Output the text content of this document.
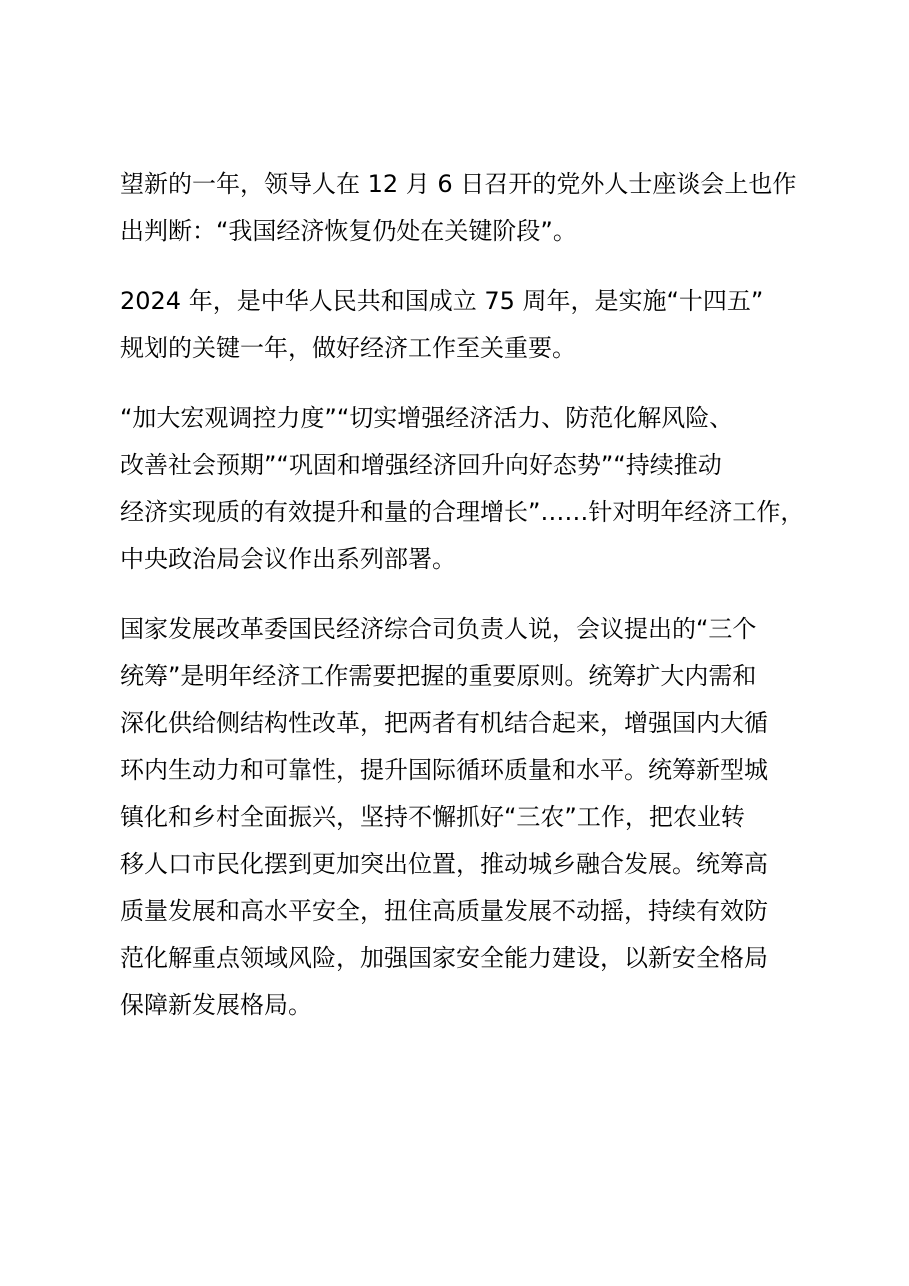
望新的一年，领导人在 12 月 6 日召开的党外人士座谈会上也作
出判断：“我国经济恢复仍处在关键阶段”。

2024 年，是中华人民共和国成立 75 周年，是实施“十四五”
规划的关键一年，做好经济工作至关重要。

“加大宏观调控力度”“切实增强经济活力、防范化解风险、
改善社会预期”“巩固和增强经济回升向好态势”“持续推动
经济实现质的有效提升和量的合理增长”……针对明年经济工作，
中央政治局会议作出系列部署。

国家发展改革委国民经济综合司负责人说，会议提出的“三个
统筹”是明年经济工作需要把握的重要原则。统筹扩大内需和
深化供给侧结构性改革，把两者有机结合起来，增强国内大循
环内生动力和可靠性，提升国际循环质量和水平。统筹新型城
镇化和乡村全面振兴，坚持不懈抓好“三农”工作，把农业转
移人口市民化摆到更加突出位置，推动城乡融合发展。统筹高
质量发展和高水平安全，扭住高质量发展不动摇，持续有效防
范化解重点领域风险，加强国家安全能力建设，以新安全格局
保障新发展格局。
